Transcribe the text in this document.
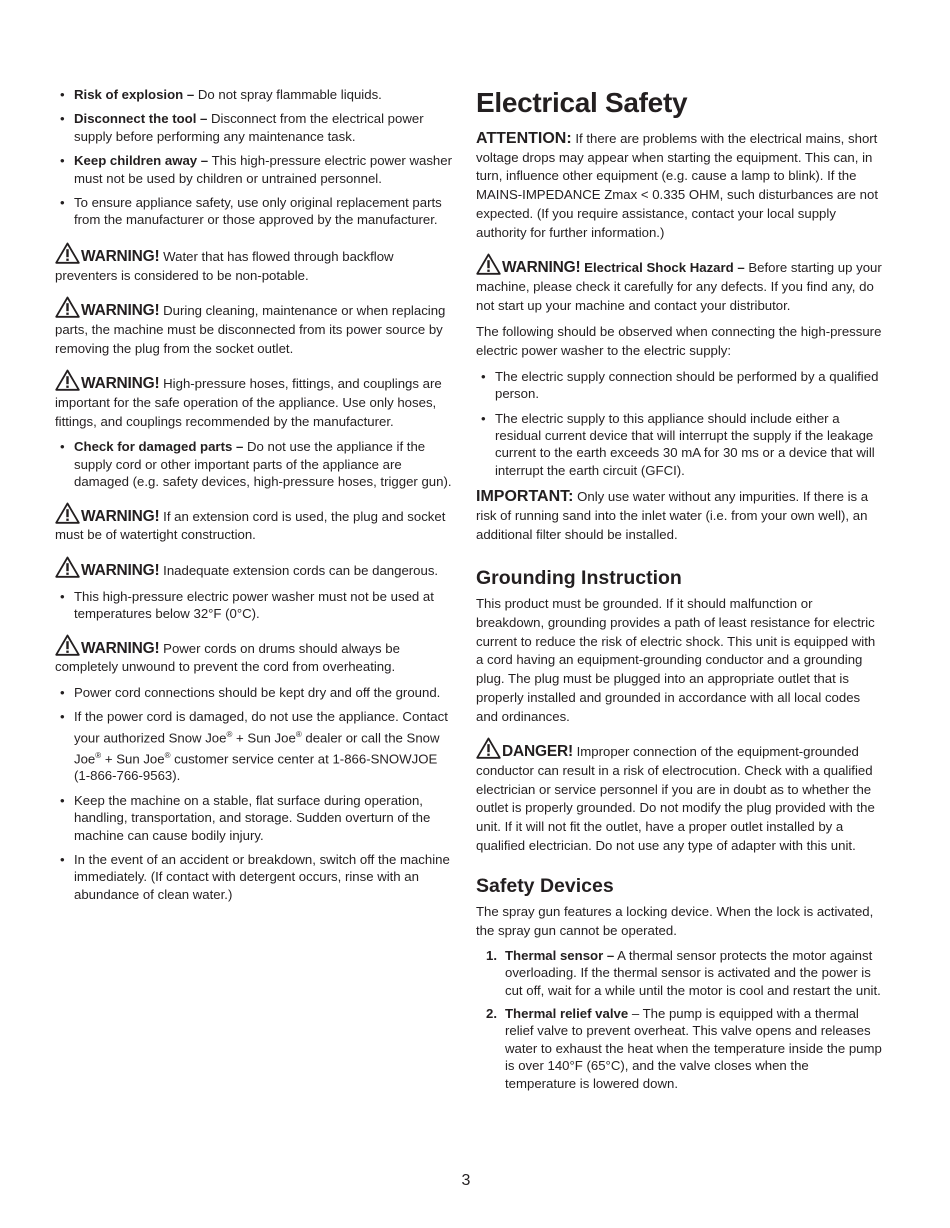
• Risk of explosion – Do not spray flammable liquids.
• Disconnect the tool – Disconnect from the electrical power supply before performing any maintenance task.
• Keep children away – This high-pressure electric power washer must not be used by children or untrained personnel.
• To ensure appliance safety, use only original replacement parts from the manufacturer or those approved by the manufacturer.
WARNING! Water that has flowed through backflow preventers is considered to be non-potable.
WARNING! During cleaning, maintenance or when replacing parts, the machine must be disconnected from its power source by removing the plug from the socket outlet.
WARNING! High-pressure hoses, fittings, and couplings are important for the safe operation of the appliance. Use only hoses, fittings, and couplings recommended by the manufacturer.
• Check for damaged parts – Do not use the appliance if the supply cord or other important parts of the appliance are damaged (e.g. safety devices, high-pressure hoses, trigger gun).
WARNING! If an extension cord is used, the plug and socket must be of watertight construction.
WARNING! Inadequate extension cords can be dangerous.
• This high-pressure electric power washer must not be used at temperatures below 32°F (0°C).
WARNING! Power cords on drums should always be completely unwound to prevent the cord from overheating.
• Power cord connections should be kept dry and off the ground.
• If the power cord is damaged, do not use the appliance. Contact your authorized Snow Joe® + Sun Joe® dealer or call the Snow Joe® + Sun Joe® customer service center at 1-866-SNOWJOE (1-866-766-9563).
• Keep the machine on a stable, flat surface during operation, handling, transportation, and storage. Sudden overturn of the machine can cause bodily injury.
• In the event of an accident or breakdown, switch off the machine immediately. (If contact with detergent occurs, rinse with an abundance of clean water.)
Electrical Safety

ATTENTION: If there are problems with the electrical mains, short voltage drops may appear when starting the equipment. This can, in turn, influence other equipment (e.g. cause a lamp to blink). If the MAINS-IMPEDANCE Zmax < 0.335 OHM, such disturbances are not expected. (If you require assistance, contact your local supply authority for further information.)

WARNING! Electrical Shock Hazard – Before starting up your machine, please check it carefully for any defects. If you find any, do not start up your machine and contact your distributor.

The following should be observed when connecting the high-pressure electric power washer to the electric supply:

• The electric supply connection should be performed by a qualified person.
• The electric supply to this appliance should include either a residual current device that will interrupt the supply if the leakage current to the earth exceeds 30 mA for 30 ms or a device that will interrupt the earth circuit (GFCI).

IMPORTANT: Only use water without any impurities. If there is a risk of running sand into the inlet water (i.e. from your own well), an additional filter should be installed.

Grounding Instruction

This product must be grounded. If it should malfunction or breakdown, grounding provides a path of least resistance for electric current to reduce the risk of electric shock. This unit is equipped with a cord having an equipment-grounding conductor and a grounding plug. The plug must be plugged into an appropriate outlet that is properly installed and grounded in accordance with all local codes and ordinances.

DANGER! Improper connection of the equipment-grounded conductor can result in a risk of electrocution. Check with a qualified electrician or service personnel if you are in doubt as to whether the outlet is properly grounded. Do not modify the plug provided with the unit. If it will not fit the outlet, have a proper outlet installed by a qualified electrician. Do not use any type of adapter with this unit.
Safety Devices

The spray gun features a locking device. When the lock is activated, the spray gun cannot be operated.

1. Thermal sensor – A thermal sensor protects the motor against overloading. If the thermal sensor is activated and the power is cut off, wait for a while until the motor is cool and restart the unit.
2. Thermal relief valve – The pump is equipped with a thermal relief valve to prevent overheat. This valve opens and releases water to exhaust the heat when the temperature inside the pump is over 140°F (65°C), and the valve closes when the temperature is lowered down.
3
